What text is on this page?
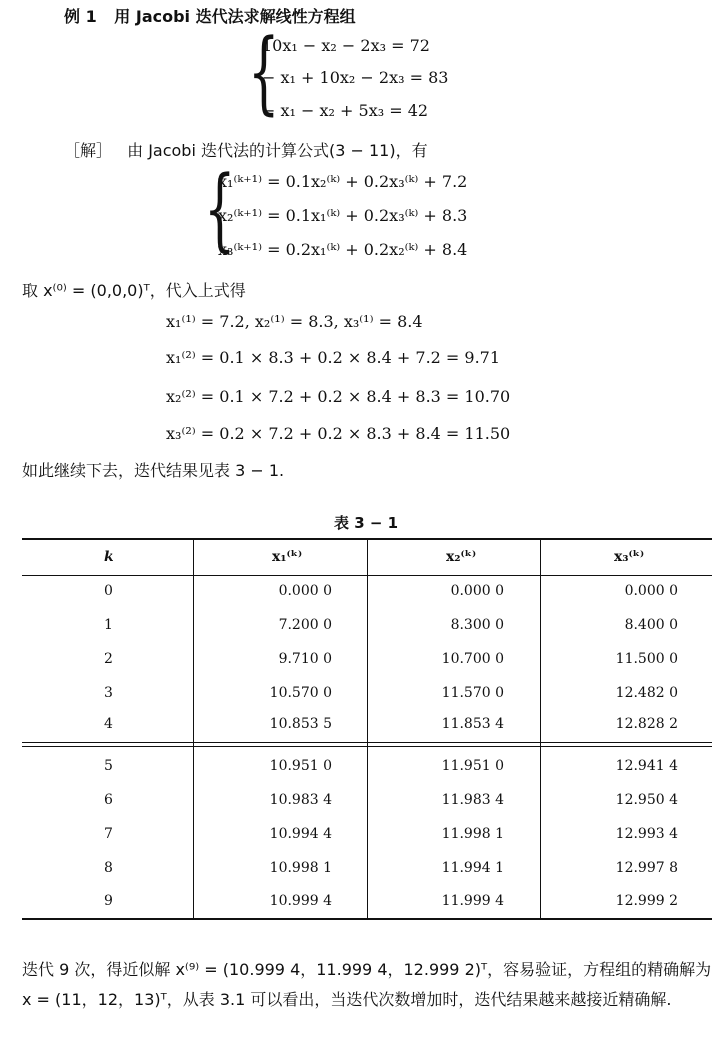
例 1 用 Jacobi 迭代法求解线性方程组
{
10x₁ − x₂ − 2x₃ = 72
− x₁ + 10x₂ − 2x₃ = 83
− x₁ − x₂ + 5x₃ = 42
［解］ 由 Jacobi 迭代法的计算公式(3 − 11)，有
{
x₁⁽ᵏ⁺¹⁾ = 0.1x₂⁽ᵏ⁾ + 0.2x₃⁽ᵏ⁾ + 7.2
x₂⁽ᵏ⁺¹⁾ = 0.1x₁⁽ᵏ⁾ + 0.2x₃⁽ᵏ⁾ + 8.3
x₃⁽ᵏ⁺¹⁾ = 0.2x₁⁽ᵏ⁾ + 0.2x₂⁽ᵏ⁾ + 8.4
取 x⁽⁰⁾ = (0,0,0)ᵀ，代入上式得
x₁⁽¹⁾ = 7.2, x₂⁽¹⁾ = 8.3, x₃⁽¹⁾ = 8.4
x₁⁽²⁾ = 0.1 × 8.3 + 0.2 × 8.4 + 7.2 = 9.71
x₂⁽²⁾ = 0.1 × 7.2 + 0.2 × 8.4 + 8.3 = 10.70
x₃⁽²⁾ = 0.2 × 7.2 + 0.2 × 8.3 + 8.4 = 11.50
如此继续下去，迭代结果见表 3 − 1.
表 3 − 1
k	x₁⁽ᵏ⁾	x₂⁽ᵏ⁾	x₃⁽ᵏ⁾
0	0.000 0	0.000 0	0.000 0
1	7.200 0	8.300 0	8.400 0
2	9.710 0	10.700 0	11.500 0
3	10.570 0	11.570 0	12.482 0
4	10.853 5	11.853 4	12.828 2
5	10.951 0	11.951 0	12.941 4
6	10.983 4	11.983 4	12.950 4
7	10.994 4	11.998 1	12.993 4
8	10.998 1	11.994 1	12.997 8
9	10.999 4	11.999 4	12.999 2
迭代 9 次，得近似解 x⁽⁹⁾ = (10.999 4，11.999 4，12.999 2)ᵀ，容易验证，方程组的精确解为 x = (11，12，13)ᵀ，从表 3.1 可以看出，当迭代次数增加时，迭代结果越来越接近精确解.
